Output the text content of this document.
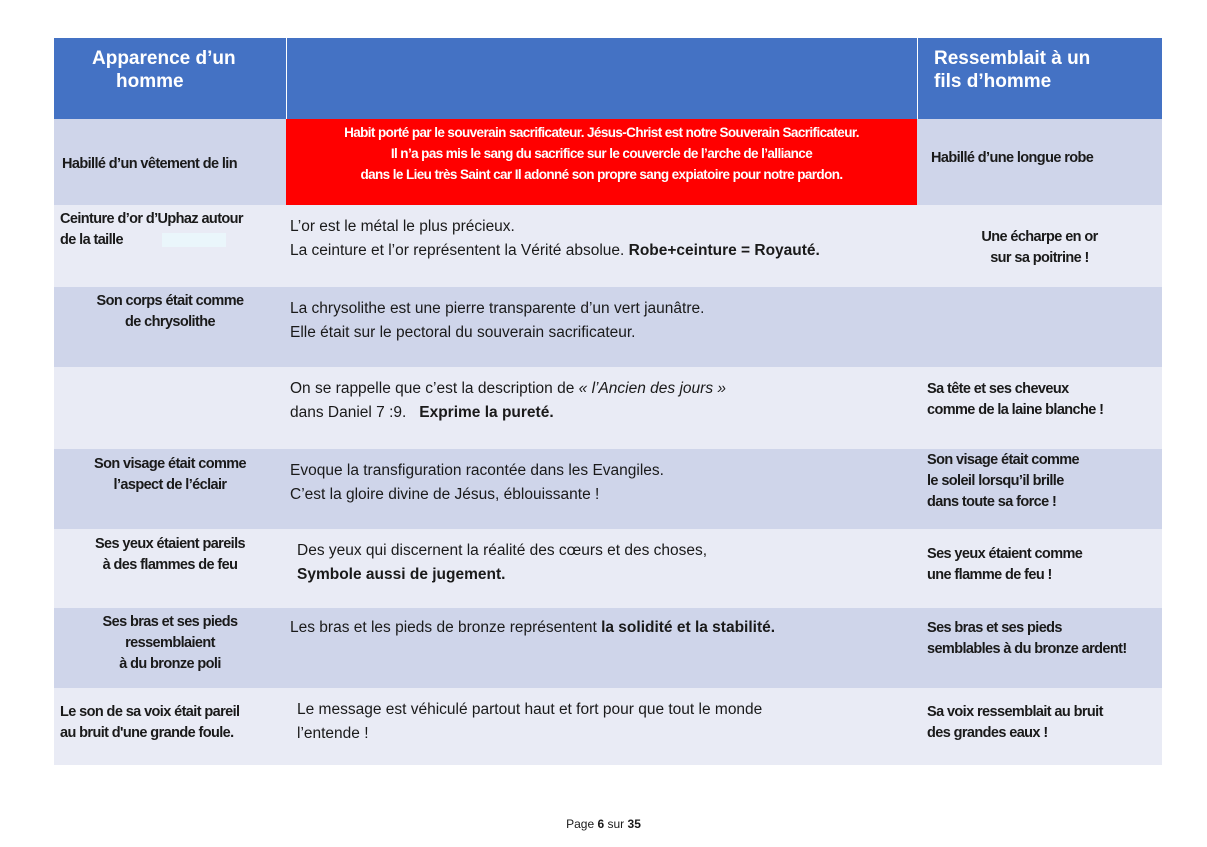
Apparence d’un
homme
Ressemblait à un
fils d’homme
Habillé d’un vêtement de lin
Habit porté par le souverain sacrificateur. Jésus-Christ est notre Souverain Sacrificateur.
Il n’a pas mis le sang du sacrifice sur le couvercle de l’arche de l’alliance
dans le Lieu très Saint car Il adonné son propre sang expiatoire pour notre pardon.
Habillé d’une longue robe
Ceinture d’or d’Uphaz autour
de la taille
L’or est le métal le plus précieux.
La ceinture et l’or représentent la Vérité absolue. Robe+ceinture = Royauté.
Une écharpe en or
sur sa poitrine !
Son corps était comme
de chrysolithe
La chrysolithe est une pierre transparente d’un vert jaunâtre.
Elle était sur le pectoral du souverain sacrificateur.
On se rappelle que c’est la description de « l’Ancien des jours »
dans Daniel 7 :9. Exprime la pureté.
Sa tête et ses cheveux
comme de la laine blanche !
Son visage était comme
l’aspect de l’éclair
Evoque la transfiguration racontée dans les Evangiles.
C’est la gloire divine de Jésus, éblouissante !
Son visage était comme
le soleil lorsqu’il brille
dans toute sa force !
Ses yeux étaient pareils
à des flammes de feu
Des yeux qui discernent la réalité des cœurs et des choses,
Symbole aussi de jugement.
Ses yeux étaient comme
une flamme de feu !
Ses bras et ses pieds
ressemblaient
à du bronze poli
Les bras et les pieds de bronze représentent la solidité et la stabilité.	Ses bras et ses pieds
semblables à du bronze ardent!
Le son de sa voix était pareil
au bruit d'une grande foule.
Le message est véhiculé partout haut et fort pour que tout le monde
l’entende !
Sa voix ressemblait au bruit
des grandes eaux !
Page 6 sur 35
